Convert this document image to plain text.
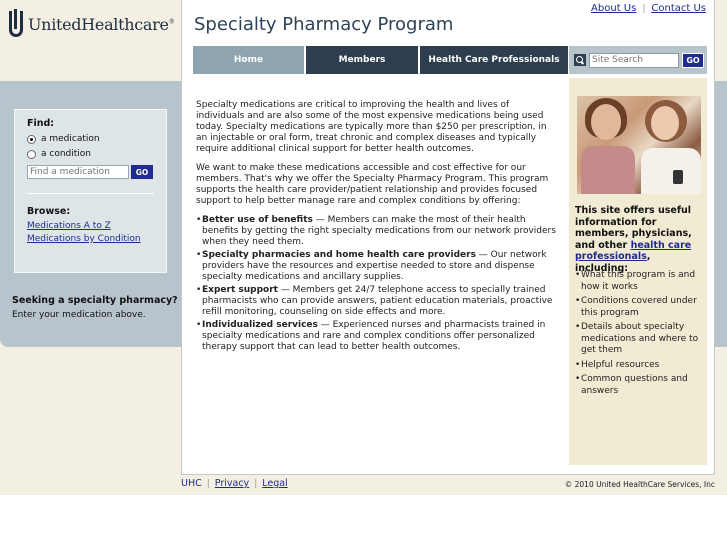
UnitedHealthcare®
About Us | Contact Us
Specialty Pharmacy Program
Home	Members	Health Care Professionals
Site Search	GO

Specialty medications are critical to improving the health and lives of individuals and are also some of the most expensive medications being used today. Specialty medications are typically more than $250 per prescription, in an injectable or oral form, treat chronic and complex diseases and typically require additional clinical support for better health outcomes.

We want to make these medications accessible and cost effective for our members. That's why we offer the Specialty Pharmacy Program. This program supports the health care provider/patient relationship and provides focused support to help better manage rare and complex conditions by offering:

• Better use of benefits — Members can make the most of their health benefits by getting the right specialty medications from our network providers when they need them.
• Specialty pharmacies and home health care providers — Our network providers have the resources and expertise needed to store and dispense specialty medications and ancillary supplies.
• Expert support — Members get 24/7 telephone access to specially trained pharmacists who can provide answers, patient education materials, proactive refill monitoring, counseling on side effects and more.
• Individualized services — Experienced nurses and pharmacists trained in specialty medications and rare and complex conditions offer personalized therapy support that can lead to better health outcomes.
This site offers useful information for members, physicians, and other health care professionals, including:
• What this program is and how it works
• Conditions covered under this program
• Details about specialty medications and where to get them
• Helpful resources
• Common questions and answers
Find:
a medication
a condition
Find a medication
GO
Browse:
Medications A to Z
Medications by Condition
Seeking a specialty pharmacy?
Enter your medication above.
UHC | Privacy | Legal	© 2010 United HealthCare Services, Inc
